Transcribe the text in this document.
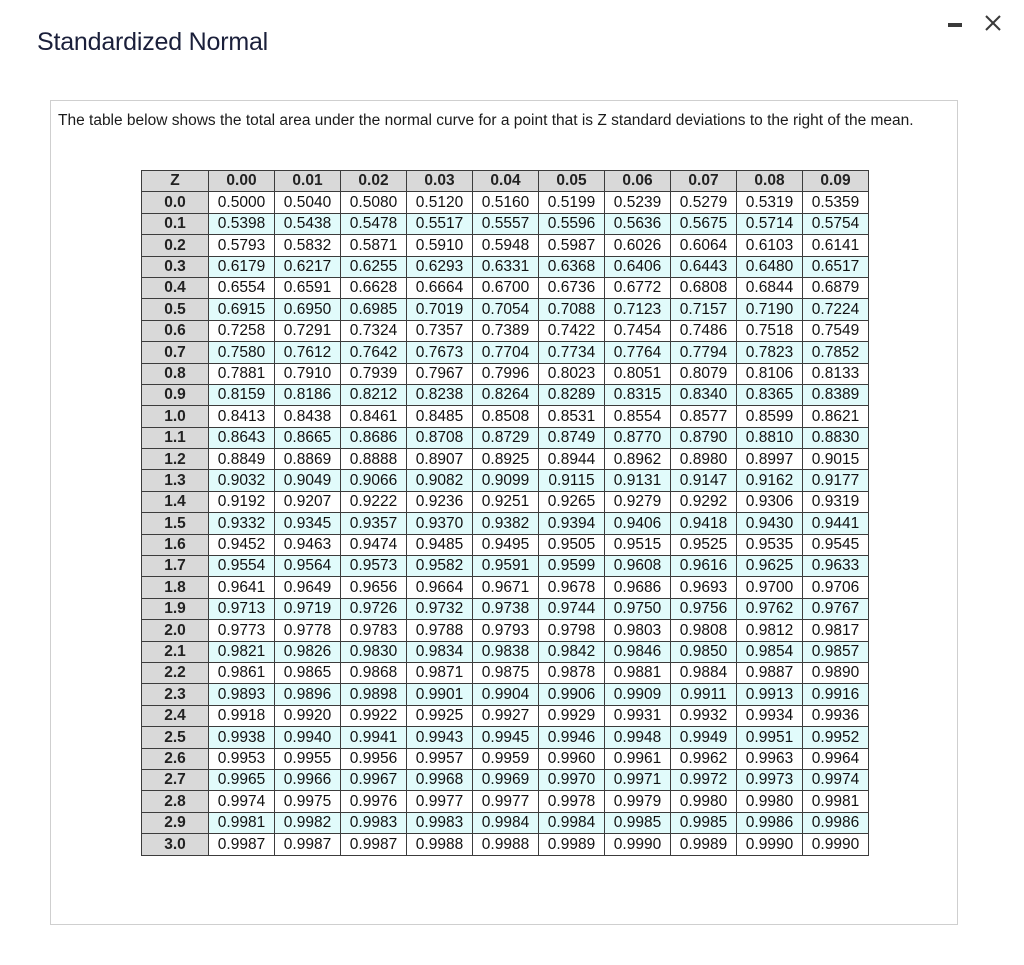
Standardized Normal
The table below shows the total area under the normal curve for a point that is Z standard deviations to the right of the mean.
Z	0.00	0.01	0.02	0.03	0.04	0.05	0.06	0.07	0.08	0.09
0.0	0.5000	0.5040	0.5080	0.5120	0.5160	0.5199	0.5239	0.5279	0.5319	0.5359
0.1	0.5398	0.5438	0.5478	0.5517	0.5557	0.5596	0.5636	0.5675	0.5714	0.5754
0.2	0.5793	0.5832	0.5871	0.5910	0.5948	0.5987	0.6026	0.6064	0.6103	0.6141
0.3	0.6179	0.6217	0.6255	0.6293	0.6331	0.6368	0.6406	0.6443	0.6480	0.6517
0.4	0.6554	0.6591	0.6628	0.6664	0.6700	0.6736	0.6772	0.6808	0.6844	0.6879
0.5	0.6915	0.6950	0.6985	0.7019	0.7054	0.7088	0.7123	0.7157	0.7190	0.7224
0.6	0.7258	0.7291	0.7324	0.7357	0.7389	0.7422	0.7454	0.7486	0.7518	0.7549
0.7	0.7580	0.7612	0.7642	0.7673	0.7704	0.7734	0.7764	0.7794	0.7823	0.7852
0.8	0.7881	0.7910	0.7939	0.7967	0.7996	0.8023	0.8051	0.8079	0.8106	0.8133
0.9	0.8159	0.8186	0.8212	0.8238	0.8264	0.8289	0.8315	0.8340	0.8365	0.8389
1.0	0.8413	0.8438	0.8461	0.8485	0.8508	0.8531	0.8554	0.8577	0.8599	0.8621
1.1	0.8643	0.8665	0.8686	0.8708	0.8729	0.8749	0.8770	0.8790	0.8810	0.8830
1.2	0.8849	0.8869	0.8888	0.8907	0.8925	0.8944	0.8962	0.8980	0.8997	0.9015
1.3	0.9032	0.9049	0.9066	0.9082	0.9099	0.9115	0.9131	0.9147	0.9162	0.9177
1.4	0.9192	0.9207	0.9222	0.9236	0.9251	0.9265	0.9279	0.9292	0.9306	0.9319
1.5	0.9332	0.9345	0.9357	0.9370	0.9382	0.9394	0.9406	0.9418	0.9430	0.9441
1.6	0.9452	0.9463	0.9474	0.9485	0.9495	0.9505	0.9515	0.9525	0.9535	0.9545
1.7	0.9554	0.9564	0.9573	0.9582	0.9591	0.9599	0.9608	0.9616	0.9625	0.9633
1.8	0.9641	0.9649	0.9656	0.9664	0.9671	0.9678	0.9686	0.9693	0.9700	0.9706
1.9	0.9713	0.9719	0.9726	0.9732	0.9738	0.9744	0.9750	0.9756	0.9762	0.9767
2.0	0.9773	0.9778	0.9783	0.9788	0.9793	0.9798	0.9803	0.9808	0.9812	0.9817
2.1	0.9821	0.9826	0.9830	0.9834	0.9838	0.9842	0.9846	0.9850	0.9854	0.9857
2.2	0.9861	0.9865	0.9868	0.9871	0.9875	0.9878	0.9881	0.9884	0.9887	0.9890
2.3	0.9893	0.9896	0.9898	0.9901	0.9904	0.9906	0.9909	0.9911	0.9913	0.9916
2.4	0.9918	0.9920	0.9922	0.9925	0.9927	0.9929	0.9931	0.9932	0.9934	0.9936
2.5	0.9938	0.9940	0.9941	0.9943	0.9945	0.9946	0.9948	0.9949	0.9951	0.9952
2.6	0.9953	0.9955	0.9956	0.9957	0.9959	0.9960	0.9961	0.9962	0.9963	0.9964
2.7	0.9965	0.9966	0.9967	0.9968	0.9969	0.9970	0.9971	0.9972	0.9973	0.9974
2.8	0.9974	0.9975	0.9976	0.9977	0.9977	0.9978	0.9979	0.9980	0.9980	0.9981
2.9	0.9981	0.9982	0.9983	0.9983	0.9984	0.9984	0.9985	0.9985	0.9986	0.9986
3.0	0.9987	0.9987	0.9987	0.9988	0.9988	0.9989	0.9990	0.9989	0.9990	0.9990
